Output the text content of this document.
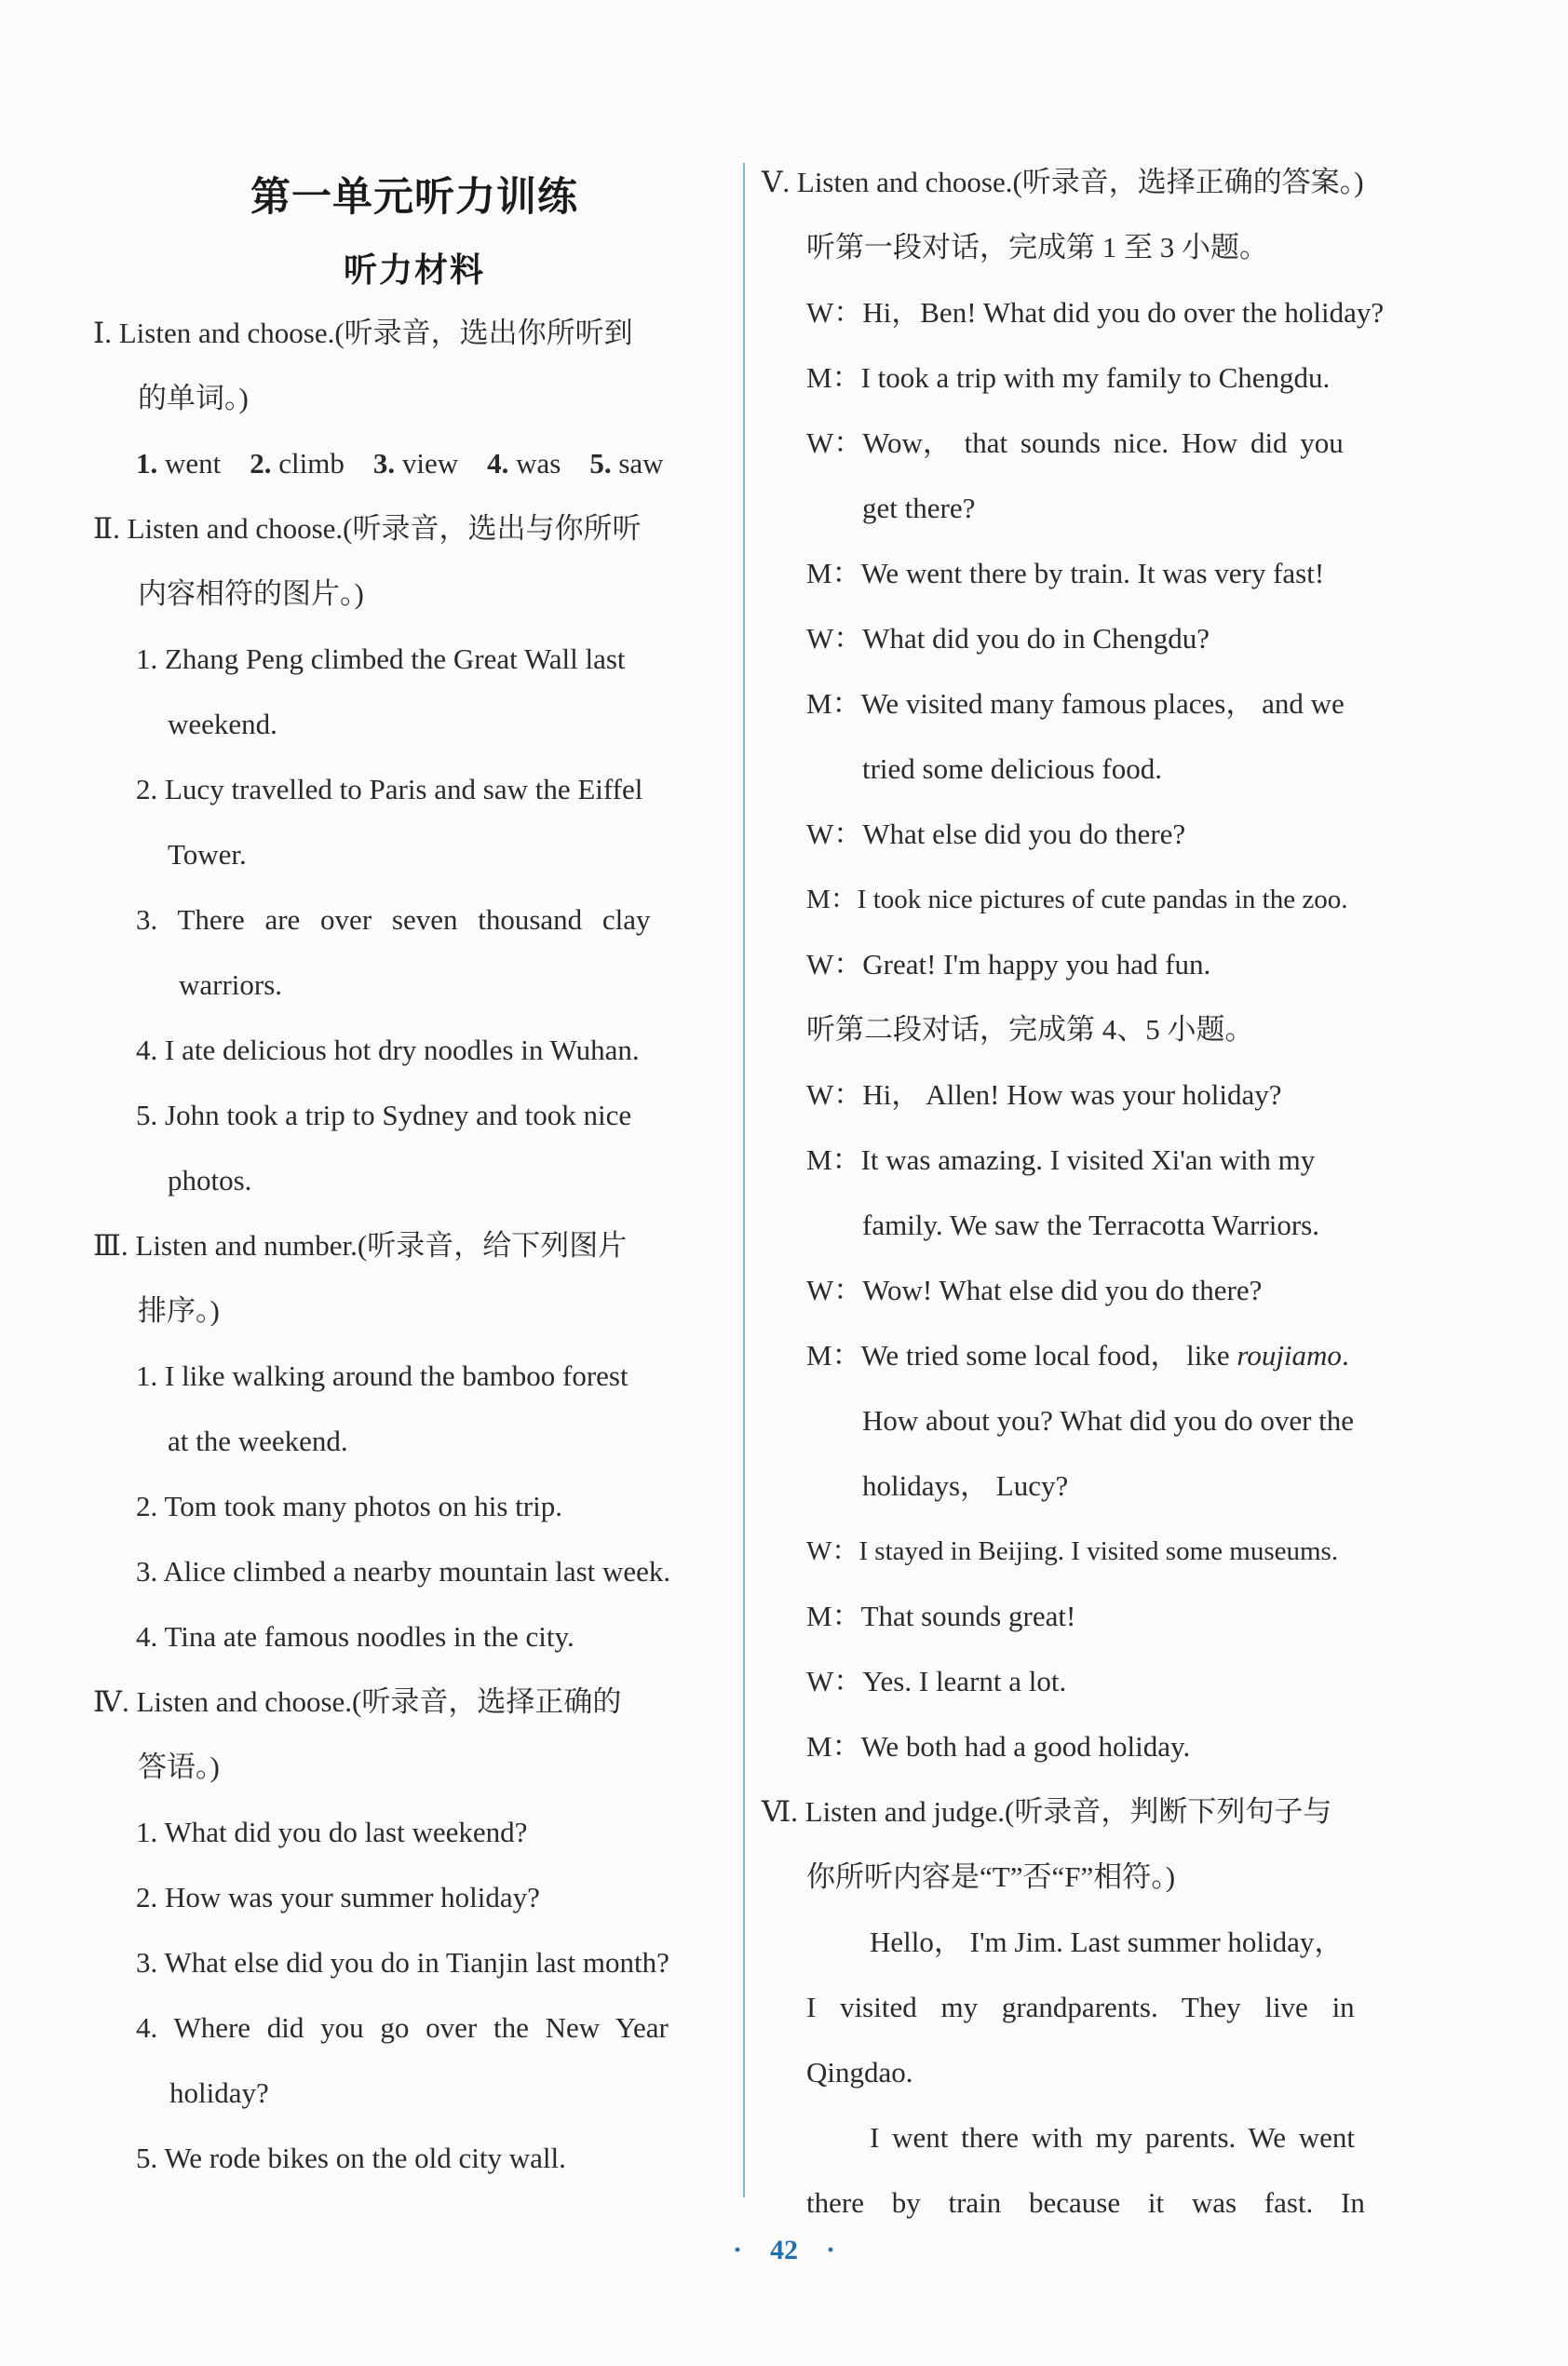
第一单元听力训练
听力材料
Ⅰ. Listen and choose.(听录音，选出你所听到
的单词。)
1. went 2. climb 3. view 4. was 5. saw
Ⅱ. Listen and choose.(听录音，选出与你所听
内容相符的图片。)
1. Zhang Peng climbed the Great Wall last
weekend.
2. Lucy travelled to Paris and saw the Eiffel
Tower.
3. There are over seven thousand clay
warriors.
4. I ate delicious hot dry noodles in Wuhan.
5. John took a trip to Sydney and took nice
photos.
Ⅲ. Listen and number.(听录音，给下列图片
排序。)
1. I like walking around the bamboo forest
at the weekend.
2. Tom took many photos on his trip.
3. Alice climbed a nearby mountain last week.
4. Tina ate famous noodles in the city.
Ⅳ. Listen and choose.(听录音，选择正确的
答语。)
1. What did you do last weekend?
2. How was your summer holiday?
3. What else did you do in Tianjin last month?
4. Where did you go over the New Year
holiday?
5. We rode bikes on the old city wall.
Ⅴ. Listen and choose.(听录音，选择正确的答案。)
听第一段对话，完成第 1 至 3 小题。
W：Hi，Ben! What did you do over the holiday?
M：I took a trip with my family to Chengdu.
W：Wow， that sounds nice. How did you
get there?
M：We went there by train. It was very fast!
W：What did you do in Chengdu?
M：We visited many famous places， and we
tried some delicious food.
W：What else did you do there?
M：I took nice pictures of cute pandas in the zoo.
W：Great! I'm happy you had fun.
听第二段对话，完成第 4、5 小题。
W：Hi， Allen! How was your holiday?
M：It was amazing. I visited Xi'an with my
family. We saw the Terracotta Warriors.
W：Wow! What else did you do there?
M：We tried some local food， like roujiamo.
How about you? What did you do over the
holidays， Lucy?
W：I stayed in Beijing. I visited some museums.
M：That sounds great!
W：Yes. I learnt a lot.
M：We both had a good holiday.
Ⅵ. Listen and judge.(听录音，判断下列句子与
你所听内容是“T”否“F”相符。)
Hello， I'm Jim. Last summer holiday，
I visited my grandparents. They live in
Qingdao.
I went there with my parents. We went
there by train because it was fast. In
· 42 ·
